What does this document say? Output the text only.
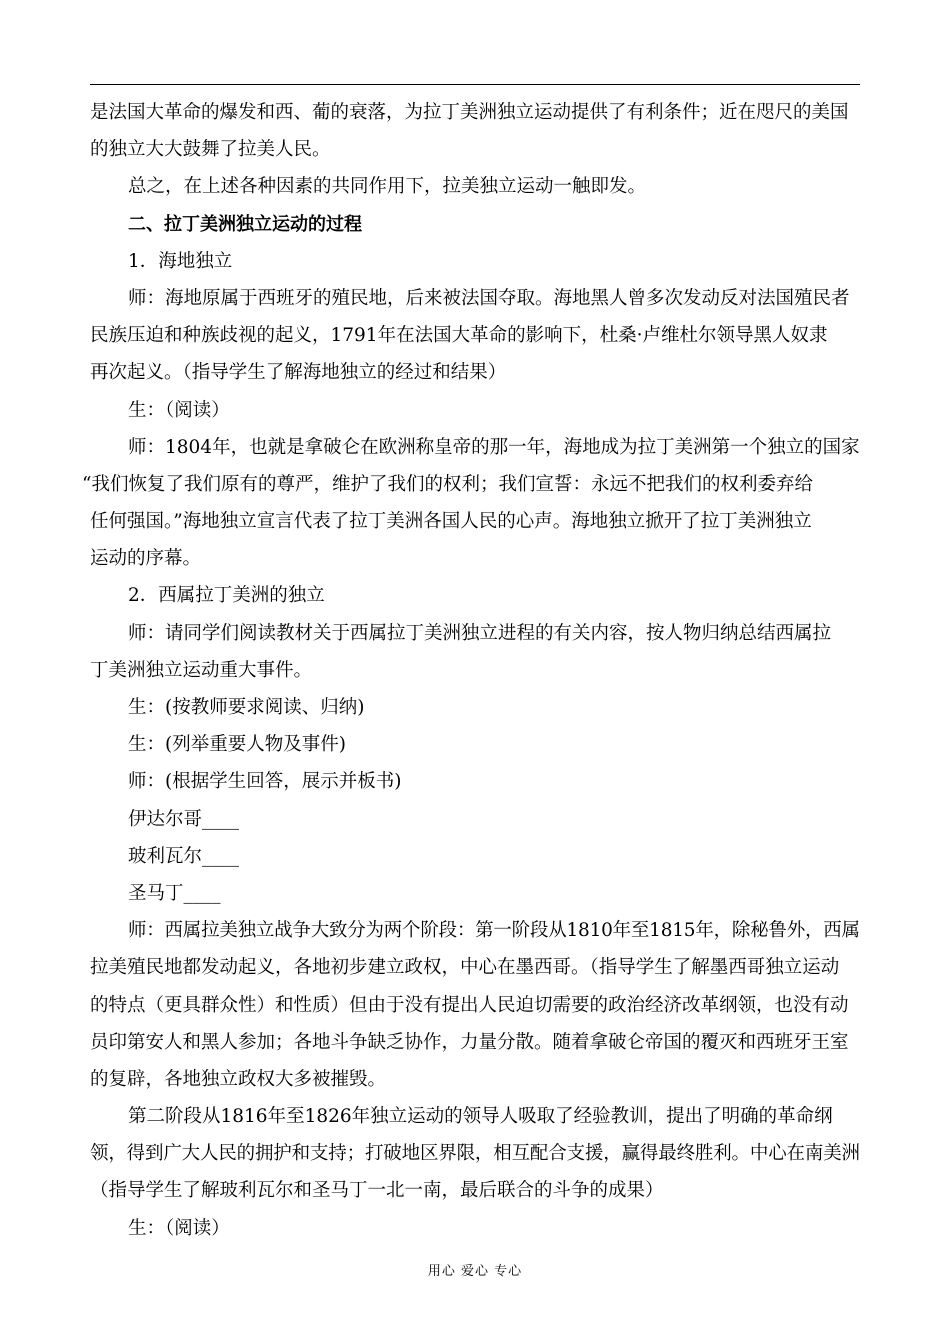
是法国大革命的爆发和西、葡的衰落，为拉丁美洲独立运动提供了有利条件；近在咫尺的美国
的独立大大鼓舞了拉美人民。
总之，在上述各种因素的共同作用下，拉美独立运动一触即发。
二、拉丁美洲独立运动的过程
1．海地独立
师：海地原属于西班牙的殖民地，后来被法国夺取。海地黑人曾多次发动反对法国殖民者
民族压迫和种族歧视的起义，1791年在法国大革命的影响下，杜桑·卢维杜尔领导黑人奴隶
再次起义。（指导学生了解海地独立的经过和结果）
生：（阅读）
师：1804年，也就是拿破仑在欧洲称皇帝的那一年，海地成为拉丁美洲第一个独立的国家
“我们恢复了我们原有的尊严，维护了我们的权利；我们宣誓：永远不把我们的权利委弃给
任何强国。”海地独立宣言代表了拉丁美洲各国人民的心声。海地独立掀开了拉丁美洲独立
运动的序幕。
2．西属拉丁美洲的独立
师：请同学们阅读教材关于西属拉丁美洲独立进程的有关内容，按人物归纳总结西属拉
丁美洲独立运动重大事件。
生：(按教师要求阅读、归纳)
生：(列举重要人物及事件)
师：(根据学生回答，展示并板书)
伊达尔哥____
玻利瓦尔____
圣马丁____
师：西属拉美独立战争大致分为两个阶段：第一阶段从1810年至1815年，除秘鲁外，西属
拉美殖民地都发动起义，各地初步建立政权，中心在墨西哥。（指导学生了解墨西哥独立运动
的特点（更具群众性）和性质）但由于没有提出人民迫切需要的政治经济改革纲领，也没有动
员印第安人和黑人参加；各地斗争缺乏协作，力量分散。随着拿破仑帝国的覆灭和西班牙王室
的复辟，各地独立政权大多被摧毁。
第二阶段从1816年至1826年独立运动的领导人吸取了经验教训，提出了明确的革命纲
领，得到广大人民的拥护和支持；打破地区界限，相互配合支援，赢得最终胜利。中心在南美洲
（指导学生了解玻利瓦尔和圣马丁一北一南，最后联合的斗争的成果）
生：（阅读）
用心 爱心 专心
